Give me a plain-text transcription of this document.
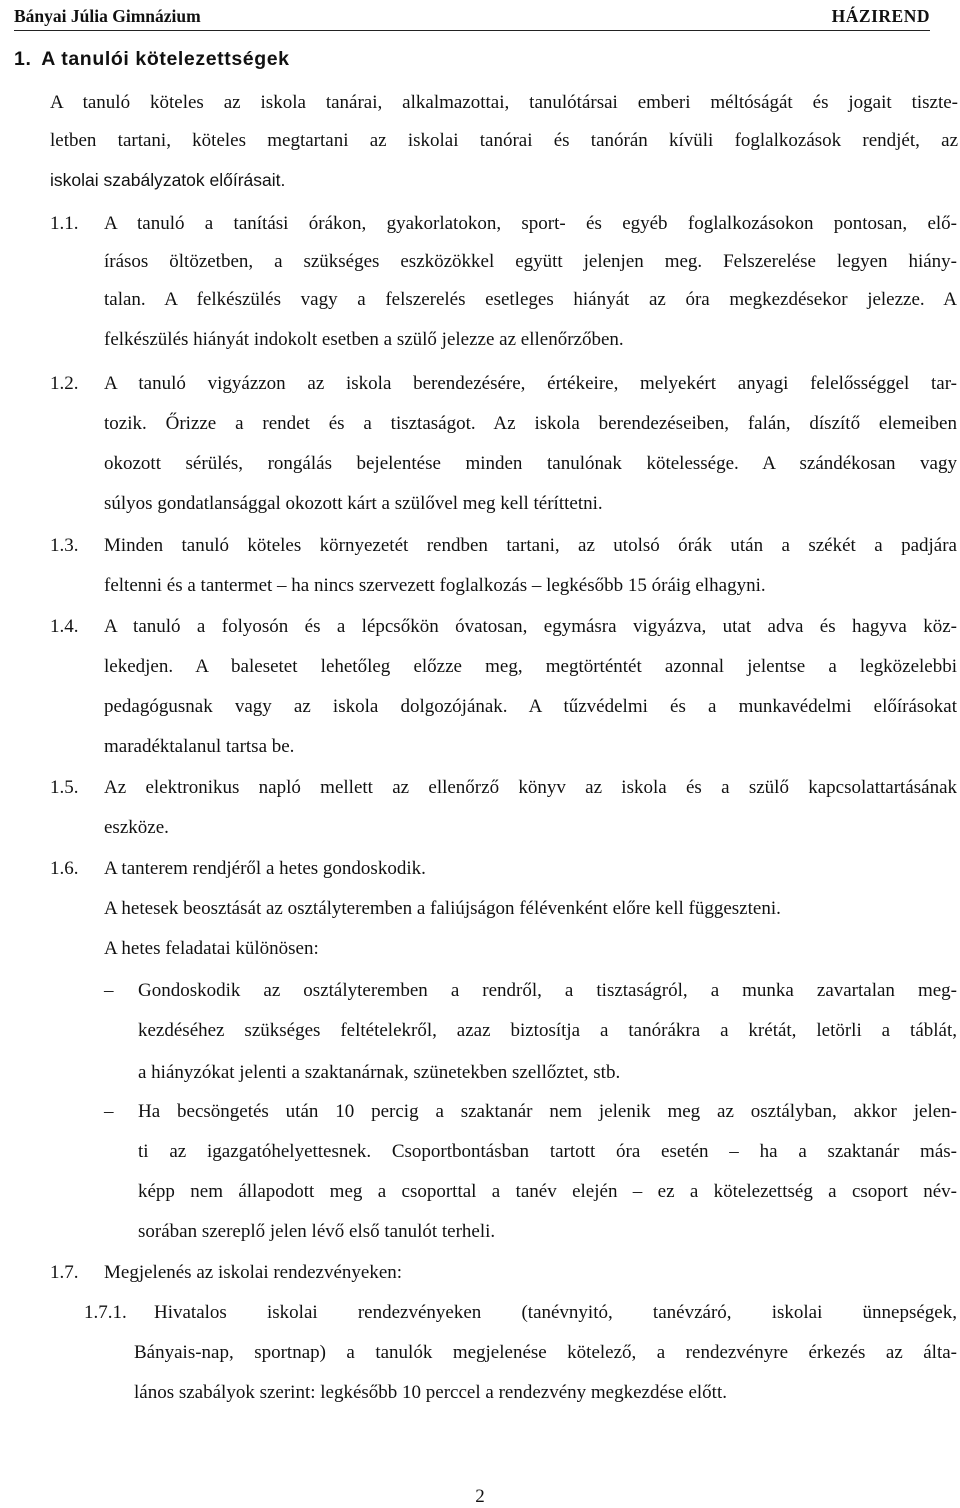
Bányai Júlia Gimnázium	HÁZIREND
1. A tanulói kötelezettségek
A tanuló köteles az iskola tanárai, alkalmazottai, tanulótársai emberi méltóságát és jogait tiszte-
letben tartani, köteles megtartani az iskolai tanórai és tanórán kívüli foglalkozások rendjét, az
iskolai szabályzatok előírásait.
1.1. A tanuló a tanítási órákon, gyakorlatokon, sport- és egyéb foglalkozásokon pontosan, elő-
írásos öltözetben, a szükséges eszközökkel együtt jelenjen meg. Felszerelése legyen hiány-
talan. A felkészülés vagy a felszerelés esetleges hiányát az óra megkezdésekor jelezze. A
felkészülés hiányát indokolt esetben a szülő jelezze az ellenőrzőben.
1.2. A tanuló vigyázzon az iskola berendezésére, értékeire, melyekért anyagi felelősséggel tar-
tozik. Őrizze a rendet és a tisztaságot. Az iskola berendezéseiben, falán, díszítő elemeiben
okozott sérülés, rongálás bejelentése minden tanulónak kötelessége. A szándékosan vagy
súlyos gondatlansággal okozott kárt a szülővel meg kell téríttetni.
1.3. Minden tanuló köteles környezetét rendben tartani, az utolsó órák után a székét a padjára
feltenni és a tantermet – ha nincs szervezett foglalkozás – legkésőbb 15 óráig elhagyni.
1.4. A tanuló a folyosón és a lépcsőkön óvatosan, egymásra vigyázva, utat adva és hagyva köz-
lekedjen. A balesetet lehetőleg előzze meg, megtörténtét azonnal jelentse a legközelebbi
pedagógusnak vagy az iskola dolgozójának. A tűzvédelmi és a munkavédelmi előírásokat
maradéktalanul tartsa be.
1.5. Az elektronikus napló mellett az ellenőrző könyv az iskola és a szülő kapcsolattartásának
eszköze.
1.6. A tanterem rendjéről a hetes gondoskodik.
A hetesek beosztását az osztályteremben a faliújságon félévenként előre kell függeszteni.
A hetes feladatai különösen:
– Gondoskodik az osztályteremben a rendről, a tisztaságról, a munka zavartalan meg-
kezdéséhez szükséges feltételekről, azaz biztosítja a tanórákra a krétát, letörli a táblát,
a hiányzókat jelenti a szaktanárnak, szünetekben szellőztet, stb.
– Ha becsöngetés után 10 percig a szaktanár nem jelenik meg az osztályban, akkor jelen-
ti az igazgatóhelyettesnek. Csoportbontásban tartott óra esetén – ha a szaktanár más-
képp nem állapodott meg a csoporttal a tanév elején – ez a kötelezettség a csoport név-
sorában szereplő jelen lévő első tanulót terheli.
1.7. Megjelenés az iskolai rendezvényeken:
1.7.1. Hivatalos iskolai rendezvényeken (tanévnyitó, tanévzáró, iskolai ünnepségek,
Bányais-nap, sportnap) a tanulók megjelenése kötelező, a rendezvényre érkezés az álta-
lános szabályok szerint: legkésőbb 10 perccel a rendezvény megkezdése előtt.
2
